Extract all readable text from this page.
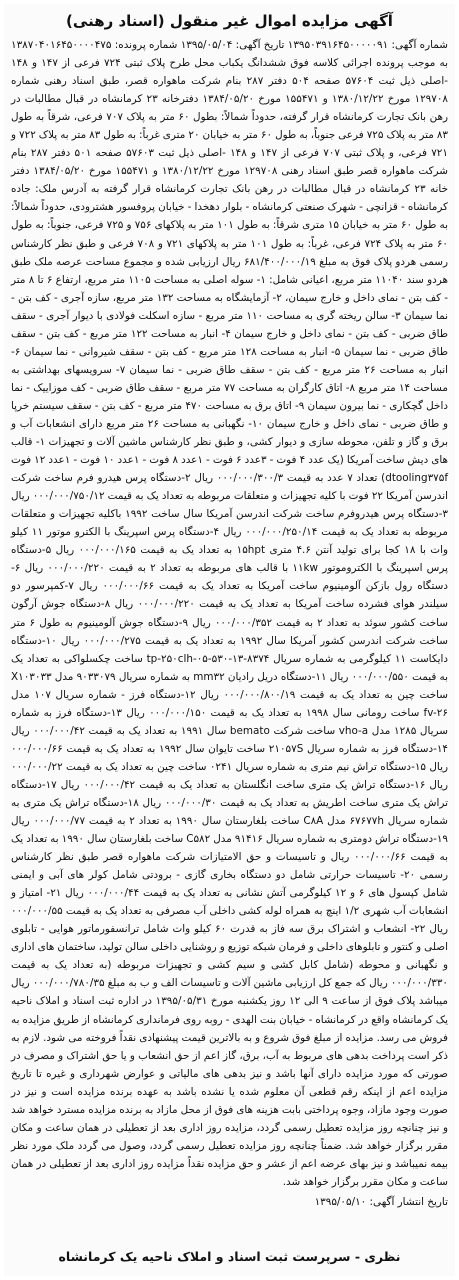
آگهی مزایده اموال غیر منقول (اسناد رهنی)

شماره آگهی: ۱۳۹۵۰۳۹۱۶۴۵۰۰۰۰۰۹۱ تاریخ آگهی: ۱۳۹۵/۰۵/۰۴ شماره پرونده: ۱۳۸۷۰۴۰۱۶۴۵۰۰۰۰۴۷۵ به موجب پرونده اجرائی کلاسه فوق ششدانگ یکباب محل طرح پلاک ثبتی ۷۲۴ فرعی از ۱۴۷ و ۱۴۸ -اصلی ذیل ثبت ۵۷۶۰۴ صفحه ۵۰۴ دفتر ۲۸۷ بنام شرکت ماهواره قصر، طبق اسناد رهنی شماره ۱۲۹۷۰۸ مورخ ۱۳۸۰/۱۲/۲۲ و ۱۵۵۴۷۱ مورخ ۱۳۸۴/۰۵/۲۰ دفترخانه ۲۳ کرمانشاه در قبال مطالبات در رهن بانک تجارت کرمانشاه قرار گرفته، حدوداً شمالاً: بطول ۶۰ متر به پلاک ۷۰۷ فرعی، شرقاً به طول ۸۳ متر به پلاک ۷۲۵ فرعی جنوباً، به طول ۶۰ متر به خیابان ۲۰ متری غرباً: به طول ۸۳ متر به پلاک ۷۲۲ و ۷۲۱ فرعی، و پلاک ثبتی ۷۰۷ فرعی از ۱۴۷ و ۱۴۸ -اصلی ذیل ثبت ۵۷۶۰۳ صفحه ۵۰۱ دفتر ۲۸۷ بنام شرکت ماهواره قصر طبق اسناد رهنی ۱۲۹۷۰۸ مورخ ۱۳۸۰/۱۲/۲۲ و ۱۵۵۴۷۱ مورخ ۱۳۸۴/۰۵/۲۰ دفتر خانه ۲۳ کرمانشاه در قبال مطالبات در رهن بانک تجارت کرمانشاه قرار گرفته به آدرس ملک: جاده کرمانشاه - قزانچی - شهرک صنعتی کرمانشاه - بلوار دهخدا - خیابان پروفسور هشترودی، حدوداً شمالاً: به طول ۶۰ متر به خیابان ۱۵ متری شرقاً: به طول ۱۰۱ متر به پلاکهای ۷۵۶ و ۷۲۵ فرعی، جنوباً: به طول ۶۰ متر به پلاک ۷۲۴ فرعی، غرباً: به طول ۱۰۱ متر به پلاکهای ۷۲۱ و ۷۰۸ فرعی و طبق نظر کارشناس رسمی هردو پلاک فوق به مبلغ ۶۸۱/۴۰۰/۰۰۰/۱۹ ریال ارزیابی شده و مجموع مساحت عرصه ملک طبق هردو سند ۱۱۰۴۰ متر مربع، اعیانی شامل: ۱- سوله اصلی به مساحت ۱۱۰۵ متر مربع، ارتفاع ۶ تا ۸ متر - کف بتن - نمای داخل و خارج سیمان، ۲- آزمایشگاه به مساحت ۱۳۲ متر مربع، سازه آجری - کف بتن - نما سیمان ۳- سالن ریخته گری به مساحت ۱۱۰ متر مربع - سازه اسکلت فولادی با دیوار آجری - سقف طاق ضربی - کف بتن - نمای داخل و خارج سیمان ۴- انبار به مساحت ۱۲۲ متر مربع - کف بتن - سقف طاق ضربی - نما سیمان ۵- انبار به مساحت ۱۲۸ متر مربع - کف بتن - سقف شیروانی - نما سیمان ۶- انبار به مساحت ۲۶ متر مربع - کف بتن - سقف طاق ضربی - نما سیمان ۷- سرویسهای بهداشتی به مساحت ۱۴ متر مربع ۸- اتاق کارگران به مساحت ۷۷ متر مربع - سقف طاق ضربی - کف موزاییک - نما داخل گچکاری - نما بیرون سیمان ۹- اتاق برق به مساحت ۴۷۰ متر مربع - کف بتن - سقف سیستم خرپا و طاق ضربی - نمای داخل و خارج سیمان ۱۰- نگهبانی به مساحت ۲۶ متر مربع دارای انشعابات آب و برق و گاز و تلفن، محوطه سازی و دیوار کشی، و طبق نظر کارشناس ماشین آلات و تجهیزات ۱- قالب های دیش ساخت آمریکا (یک عدد ۴ فوت - ۳عدد ۶ فوت - ۱عدد ۸ فوت - ۱عدد ۱۰ فوت - ۱عدد ۱۲ فوت dtooling۳۷۵f) تعداد ۷ عدد به قیمت ۰۰۰/۰۰۰/۳۰۰/۳ ریال ۲-دستگاه پرس هیدرو فرم ساخت شرکت اندرسن آمریکا ۲۲ فوت با کلیه تجهیزات و متعلقات مربوطه به تعداد یک به قیمت ۰۰۰/۰۰۰/۷۵۰/۱۲ ریال ۳-دستگاه پرس هیدروفرم ساخت شرکت اندرسن آمریکا سال ساخت ۱۹۹۲ باکلیه تجهیزات و متعلقات مربوطه به تعداد یک به قیمت ۰۰۰/۰۰۰/۲۵۰/۱۴ ریال ۴-دستگاه پرس اسپرینگ با الکترو موتور ۱۱ کیلو وات با ۱۸ کجا برای تولید آنتن ۴.۶ متری ۱۵hpt به تعداد یک به قیمت ۰۰۰/۰۰۰/۱۶۵ ریال ۵-دستگاه پرس اسپرینگ با الکتروموتور ۱۱kw با قالب های مربوطه به تعداد ۲ به قیمت ۰۰۰/۰۰۰/۲۲۰ ریال ۶-دستگاه رول بازکن آلومینیوم ساخت آمریکا به تعداد یک به قیمت ۰۰۰/۰۰۰/۶۶ ریال ۷-کمپرسور دو سیلندر هوای فشرده ساخت آمریکا به تعداد یک به قیمت ۰۰۰/۰۰۰/۲۲۰ ریال ۸-دستگاه جوش آرگون ساخت کشور سوئد به تعداد ۲ به قیمت ۰۰۰/۰۰۰/۳۵۲ ریال ۹-دستگاه جوش آلومینیوم به طول ۶ متر ساخت شرکت اندرسن کشور آمریکا سال ۱۹۹۲ به تعداد یک به قیمت ۰۰۰/۰۰۰/۲۷۵ ریال ۱۰-دستگاه دایکاست ۱۱ کیلوگرمی به شماره سریال ۸۳۷۴-۱۳-۵۳۰-۰۵-tp-۲۵۰clh ساخت چکسلواکی به تعداد یک به قیمت ۰۰۰/۰۰۰/۵۵۰ ریال ۱۱-دستگاه دریل رادیان mm۳۲ به شماره سریال ۹۰۳۳۰۷۹ مدل X۱۰۳۰۳۳ ساخت چین به تعداد یک به قیمت ۰۰۰/۰۰۰/۸۰۰/۱۹ ریال ۱۲-دستگاه فرز - شماره سریال ۱۰۷ مدل fv-۲۶ ساخت رومانی سال ۱۹۹۸ به تعداد یک به قیمت ۰۰۰/۰۰۰/۱۵۰ ریال ۱۳-دستگاه فرز به شماره سریال ۱۲۸۵ مدل vho-a ساخت شرکت bemato سال ۱۹۹۱ به تعداد یک به قیمت ۰۰۰/۰۰۰/۴۲ ریال ۱۴-دستگاه فرز به شماره سریال ۲۱۰۵۷S ساخت تایوان سال ۱۹۹۲ به تعداد یک به قیمت ۰۰۰/۰۰۰/۶۶ ریال ۱۵-دستگاه تراش نیم متری به شماره سریال ۰۲۴۱ ساخت چین به تعداد یک به قیمت ۰۰۰/۰۰۰/۲۲ ریال ۱۶-دستگاه تراش یک متری ساخت انگلستان به تعداد یک به قیمت ۰۰۰/۰۰۰/۴۲ ریال ۱۷-دستگاه تراش یک متری ساخت اطریش به تعداد یک به قیمت ۰۰۰/۰۰۰/۳۰ ریال ۱۸-دستگاه تراش یک متری به شماره سریال ۶۷۶۷۷h مدل C۸A ساخت بلغارستان سال ۱۹۹۰ به تعداد ۲ به قیمت ۰۰۰/۰۰۰/۷۷ ریال ۱۹-دستگاه تراش دومتری به شماره سریال ۹۱۴۱۶ مدل C۵۸۲ ساخت بلغارستان سال ۱۹۹۰ به تعداد یک به قیمت ۰۰۰/۰۰۰/۶۶ ریال و تاسیسات و حق الامتیازات شرکت ماهواره قصر طبق نظر کارشناس رسمی ۲۰- تاسیسات حرارتی شامل دو دستگاه بخاری گازی - برودتی شامل کولر های آبی و ایمنی شامل کپسول های ۶ و ۱۲ کیلوگرمی آتش نشانی به تعداد یک به قیمت ۰۰۰/۰۰۰/۴۴ ریال ۲۱- امتیاز و انشعابات آب شهری ۱/۲ اینچ به همراه لوله کشی داخلی آب مصرفی به تعداد یک به قیمت ۰۰۰/۰۰۰/۵۵ ریال ۲۲- انشعاب و اشتراک برق سه فاز به قدرت ۶۰ کیلو وات شامل ترانسفورماتور هوایی - تابلوی اصلی و کنتور و تابلوهای داخلی و فرمان شبکه توزیع و روشنایی داخلی سالن تولید، ساختمان های اداری و نگهبانی و محوطه (شامل کابل کشی و سیم کشی و تجهیزات مربوطه (به تعداد یک به قیمت ۰۰۰/۰۰۰/۳۳۰ ریال که جمع کل ارزیابی ماشین آلات و تاسیسات الف و ب به مبلغ ۰۰۰/۰۰۰/۷۸۰/۳۵ ریال میباشد پلاک فوق از ساعت ۹ الی ۱۲ روز یکشنبه مورخ ۱۳۹۵/۰۵/۳۱ در اداره ثبت اسناد و املاک ناحیه یک کرمانشاه واقع در کرمانشاه - خیابان بنت الهدی - روبه روی فرمانداری کرمانشاه از طریق مزایده به فروش می رسد. مزایده از مبلغ فوق شروع و به بالاترین قیمت پیشنهادی نقداً فروخته می شود. لازم به ذکر است پرداخت بدهی های مربوط به آب، برق، گاز اعم از حق انشعاب و یا حق اشتراک و مصرف در صورتی که مورد مزایده دارای آنها باشد و نیز بدهی های مالیاتی و عوارض شهرداری و غیره تا تاریخ مزایده اعم از اینکه رقم قطعی آن معلوم شده یا نشده باشد به عهده برنده مزایده است و نیز در صورت وجود مازاد، وجوه پرداختی بابت هزینه های فوق از محل مازاد به برنده مزایده مسترد خواهد شد و نیز چنانچه روز مزایده تعطیل رسمی گردد، مزایده روز اداری بعد از تعطیلی در همان ساعت و مکان مقرر برگزار خواهد شد. ضمناً چنانچه روز مزایده تعطیل رسمی گردد، وصول می گردد ملک مورد نظر بیمه نمیباشد و نیز بهای عرضه اعم از عشر و حق مزایده نقداً مزایده روز اداری بعد از تعطیلی در همان ساعت و مکان مقرر برگزار خواهد شد.

تاریخ انتشار آگهی: ۱۳۹۵/۰۵/۱۰
نظری - سرپرست ثبت اسناد و املاک ناحیه یک کرمانشاه
